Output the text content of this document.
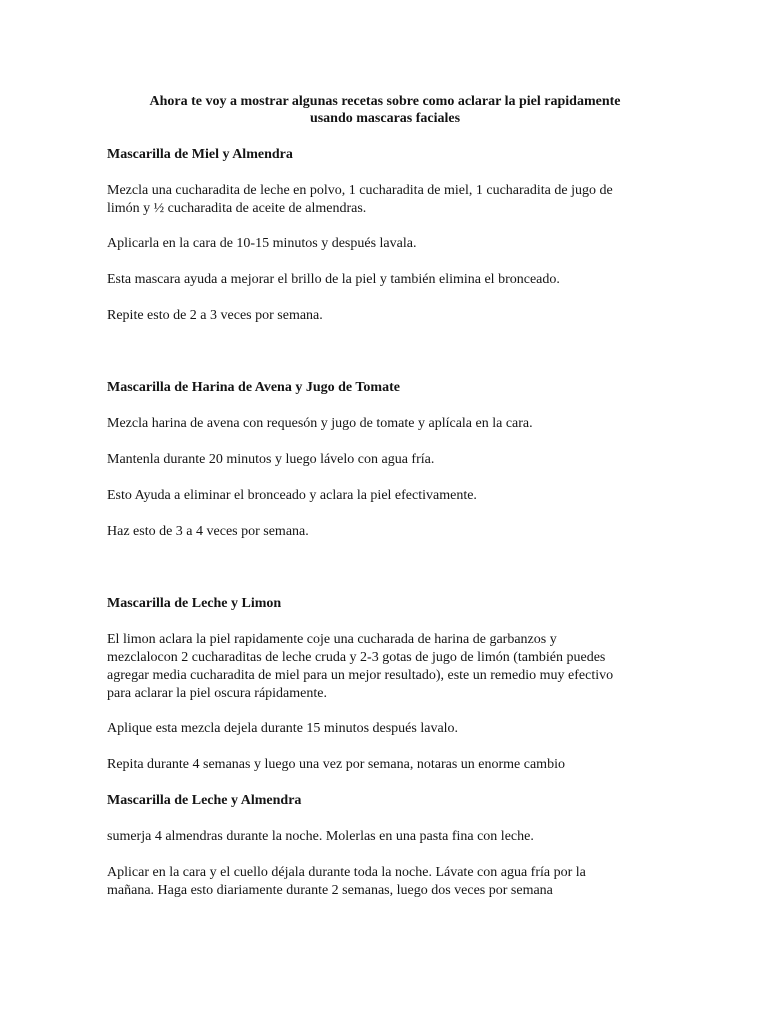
Ahora te voy a mostrar algunas recetas sobre como aclarar la piel rapidamente
usando mascaras faciales
Mascarilla de Miel y Almendra
Mezcla una cucharadita de leche en polvo, 1 cucharadita de miel, 1 cucharadita de jugo de
limón y ½ cucharadita de aceite de almendras.
Aplicarla en la cara de 10-15 minutos y después lavala.
Esta mascara ayuda a mejorar el brillo de la piel y también elimina el bronceado.
Repite esto de 2 a 3 veces por semana.
Mascarilla de Harina de Avena y Jugo de Tomate
Mezcla harina de avena con requesón y jugo de tomate y aplícala en la cara.
Mantenla durante 20 minutos y luego lávelo con agua fría.
Esto Ayuda a eliminar el bronceado y aclara la piel efectivamente.
Haz esto de 3 a 4 veces por semana.
Mascarilla de Leche y Limon
El limon aclara la piel rapidamente coje una cucharada de harina de garbanzos y
mezclalocon 2 cucharaditas de leche cruda y 2-3 gotas de jugo de limón (también puedes
agregar media cucharadita de miel para un mejor resultado), este un remedio muy efectivo
para aclarar la piel oscura rápidamente.
Aplique esta mezcla dejela durante 15 minutos después lavalo.
Repita durante 4 semanas y luego una vez por semana, notaras un enorme cambio
Mascarilla de Leche y Almendra
sumerja 4 almendras durante la noche. Molerlas en una pasta fina con leche.
Aplicar en la cara y el cuello déjala durante toda la noche. Lávate con agua fría por la
mañana. Haga esto diariamente durante 2 semanas, luego dos veces por semana
